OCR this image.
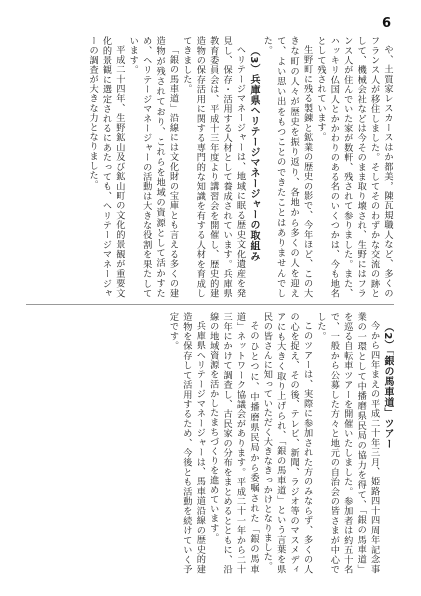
6

や、土質家レスカースはか都美，陳瓦規職人など、多くのフランス人が移住しました。そしてそのわずかな交流の跡として、機械会社などは今そのまま取り壊され、生野にはフランス人が住んでいた家が数軒、残されて参りました。また、ハッキリ仏国人とかかわりのある名のいくつかは、今も地名として残されています。

生野町に残る製錬と鉱業の歴史の影で、今年ほど、この大きな町の人々が歴史を振り返り、各地から多くの人を迎えて、よい思い出をもつことのできたことはありませんでした。

（3）兵庫県ヘリテージマネージャーの取組み

ヘリテージマネージャーは、地域に眠る歴史文化遺産を発見し、保存・活用する人材として養成されています。兵庫県教育委員会は、平成十三年度より講習会を開催し、歴史的建造物の保存活用に関する専門的な知識を有する人材を育成してきました。

「銀の馬車道」沿線には文化財の宝庫とも言える多くの建造物が残されており、これらを地域の資源として活かすため、ヘリテージマネージャーの活動は大きな役割を果たしています。

平成二十四年、生野鉱山及び鉱山町の文化的景観が重要文化的景観に選定されるにあたっても、ヘリテージマネージャーの調査が大きな力となりました。

（2）「銀の馬車道」ツアー

今から四年まえの平成二十年三月、姫路四十四周年記念事業の一環として中播磨県民局の協力を得て、「銀の馬車道」を巡る自転車ツアーを開催いたしました。参加者は約五十名で、一般から公募した方々と地元の自治会の皆さまが中心でした。

このツアーは、実際に参加された方のみならず、多くの人の心を捉え、その後、テレビ、新聞、ラジオ等のマスメディアにも大きく取り上げられ、「銀の馬車道」という言葉を県民の皆さんに知っていただく大きなきっかけとなりました。

そのひとつに、中播磨県民局から委嘱された「銀の馬車道」ネットワーク協議会があります。平成二十一年から二十三年にかけて調査し、古民家の分布をまとめるとともに、沿線の地域資源を活かしたまちづくりを進めています。

兵庫県ヘリテージマネージャーは、馬車道沿線の歴史的建造物を保存して活用するため、今後とも活動を続けていく予定です。
